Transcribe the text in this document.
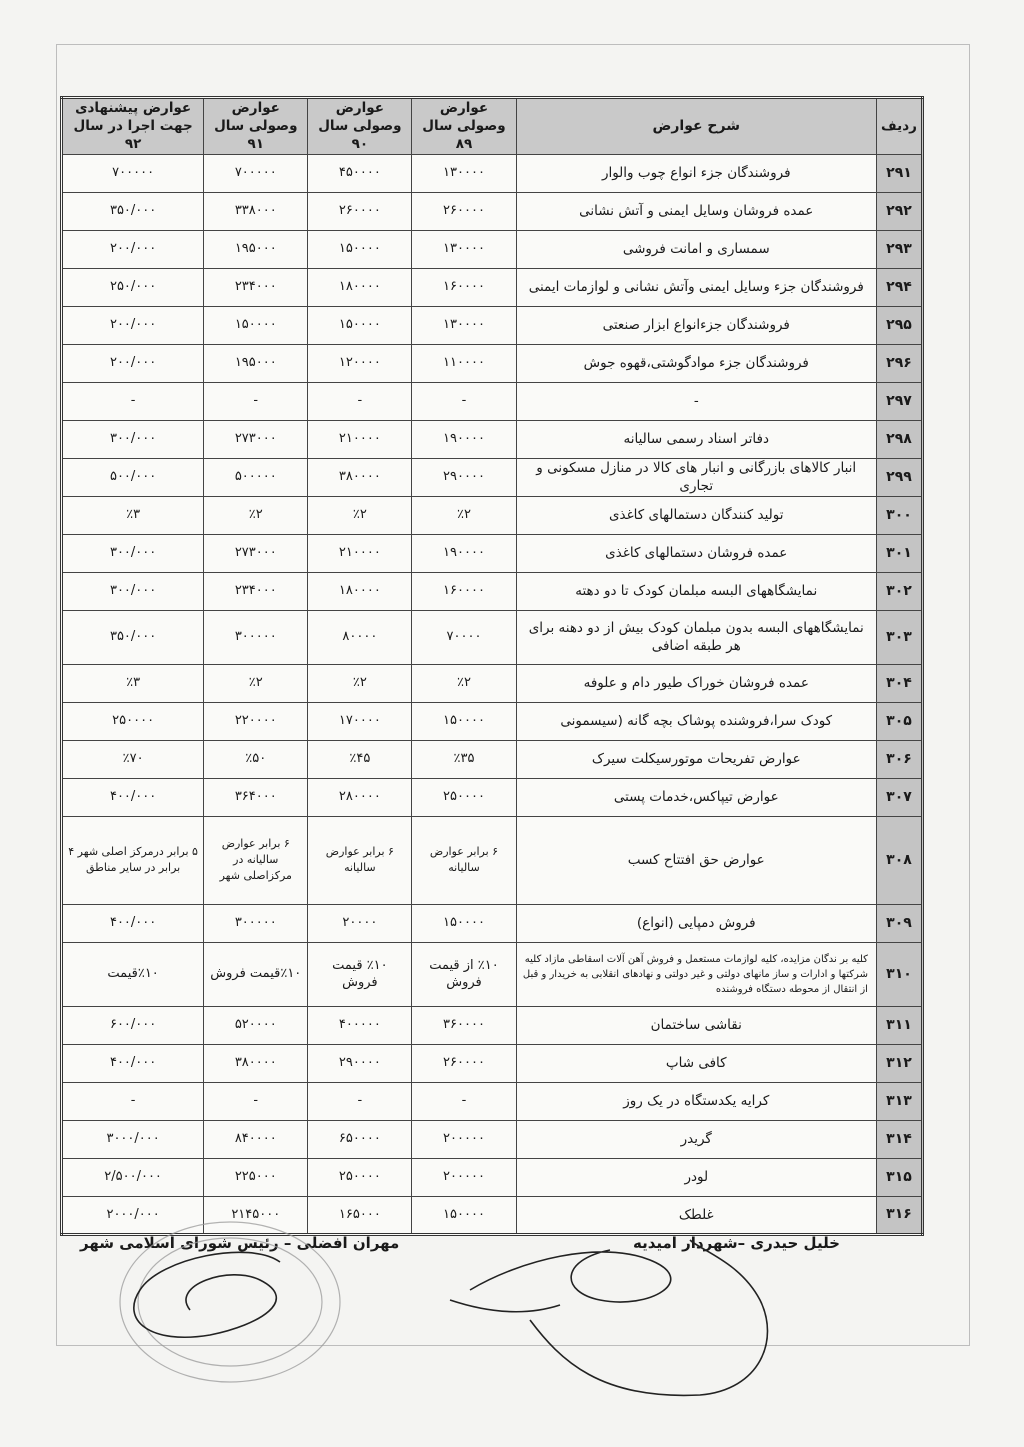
ردیف	شرح عوارض	عوارض وصولی سال ۸۹	عوارض وصولی سال ۹۰	عوارض وصولی سال ۹۱	عوارض پیشنهادی جهت اجرا در سال ۹۲
۲۹۱	فروشندگان جزء انواع چوب والوار	۱۳۰۰۰۰	۴۵۰۰۰۰	۷۰۰۰۰۰	۷۰۰۰۰۰
۲۹۲	عمده فروشان وسایل ایمنی و آتش نشانی	۲۶۰۰۰۰	۲۶۰۰۰۰	۳۳۸۰۰۰	۳۵۰/۰۰۰
۲۹۳	سمساری و امانت فروشی	۱۳۰۰۰۰	۱۵۰۰۰۰	۱۹۵۰۰۰	۲۰۰/۰۰۰
۲۹۴	فروشندگان جزء وسایل ایمنی وآتش نشانی و لوازمات ایمنی	۱۶۰۰۰۰	۱۸۰۰۰۰	۲۳۴۰۰۰	۲۵۰/۰۰۰
۲۹۵	فروشندگان جزءانواع ابزار صنعتی	۱۳۰۰۰۰	۱۵۰۰۰۰	۱۵۰۰۰۰	۲۰۰/۰۰۰
۲۹۶	فروشندگان جزء موادگوشتی،قهوه جوش	۱۱۰۰۰۰	۱۲۰۰۰۰	۱۹۵۰۰۰	۲۰۰/۰۰۰
۲۹۷	-	-	-	-	-
۲۹۸	دفاتر اسناد رسمی سالیانه	۱۹۰۰۰۰	۲۱۰۰۰۰	۲۷۳۰۰۰	۳۰۰/۰۰۰
۲۹۹	انبار کالاهای بازرگانی و انبار های کالا در منازل مسکونی و تجاری	۲۹۰۰۰۰	۳۸۰۰۰۰	۵۰۰۰۰۰	۵۰۰/۰۰۰
۳۰۰	تولید کنندگان دستمالهای کاغذی	٪۲	٪۲	٪۲	٪۳
۳۰۱	عمده فروشان دستمالهای کاغذی	۱۹۰۰۰۰	۲۱۰۰۰۰	۲۷۳۰۰۰	۳۰۰/۰۰۰
۳۰۲	نمایشگاههای البسه مبلمان کودک تا دو دهته	۱۶۰۰۰۰	۱۸۰۰۰۰	۲۳۴۰۰۰	۳۰۰/۰۰۰
۳۰۳	نمایشگاههای البسه بدون مبلمان کودک بیش از دو دهنه برای هر طبقه اضافی	۷۰۰۰۰	۸۰۰۰۰	۳۰۰۰۰۰	۳۵۰/۰۰۰
۳۰۴	عمده فروشان خوراک طیور دام و علوفه	٪۲	٪۲	٪۲	٪۳
۳۰۵	کودک سرا،فروشنده پوشاک بچه گانه (سیسمونی	۱۵۰۰۰۰	۱۷۰۰۰۰	۲۲۰۰۰۰	۲۵۰۰۰۰
۳۰۶	عوارض تفریحات موتورسیکلت سیرک	٪۳۵	٪۴۵	٪۵۰	٪۷۰
۳۰۷	عوارض تیپاکس،خدمات پستی	۲۵۰۰۰۰	۲۸۰۰۰۰	۳۶۴۰۰۰	۴۰۰/۰۰۰
۳۰۸	عوارض حق افتتاح کسب	۶ برابر عوارض سالیانه	۶ برابر عوارض سالیانه	۶ برابر عوارض سالیانه در مرکزاصلی شهر	۵ برابر درمرکز اصلی شهر ۴ برابر در سایر مناطق
۳۰۹	فروش دمپایی (انواع)	۱۵۰۰۰۰	۲۰۰۰۰	۳۰۰۰۰۰	۴۰۰/۰۰۰
۳۱۰	کلیه بر ندگان مزایده، کلیه لوازمات مستعمل و فروش آهن آلات اسقاطی مازاد کلیه شرکتها و ادارات و ساز مانهای دولتی و غیر دولتی و نهادهای انقلابی به خریدار و قبل از انتقال از محوطه دستگاه فروشنده	٪۱۰ از قیمت فروش	٪۱۰ قیمت فروش	٪۱۰قیمت فروش	٪۱۰قیمت
۳۱۱	نقاشی ساختمان	۳۶۰۰۰۰	۴۰۰۰۰۰	۵۲۰۰۰۰	۶۰۰/۰۰۰
۳۱۲	کافی شاپ	۲۶۰۰۰۰	۲۹۰۰۰۰	۳۸۰۰۰۰	۴۰۰/۰۰۰
۳۱۳	کرایه یکدستگاه در یک روز	-	-	-	-
۳۱۴	گریدر	۲۰۰۰۰۰	۶۵۰۰۰۰	۸۴۰۰۰۰	۳۰۰۰/۰۰۰
۳۱۵	لودر	۲۰۰۰۰۰	۲۵۰۰۰۰	۲۲۵۰۰۰	۲/۵۰۰/۰۰۰
۳۱۶	غلطک	۱۵۰۰۰۰	۱۶۵۰۰۰	۲۱۴۵۰۰۰	۲۰۰۰/۰۰۰
خلیل حیدری –شهردار امیدیه
مهران افضلی – رئیس شورای اسلامی شهر
